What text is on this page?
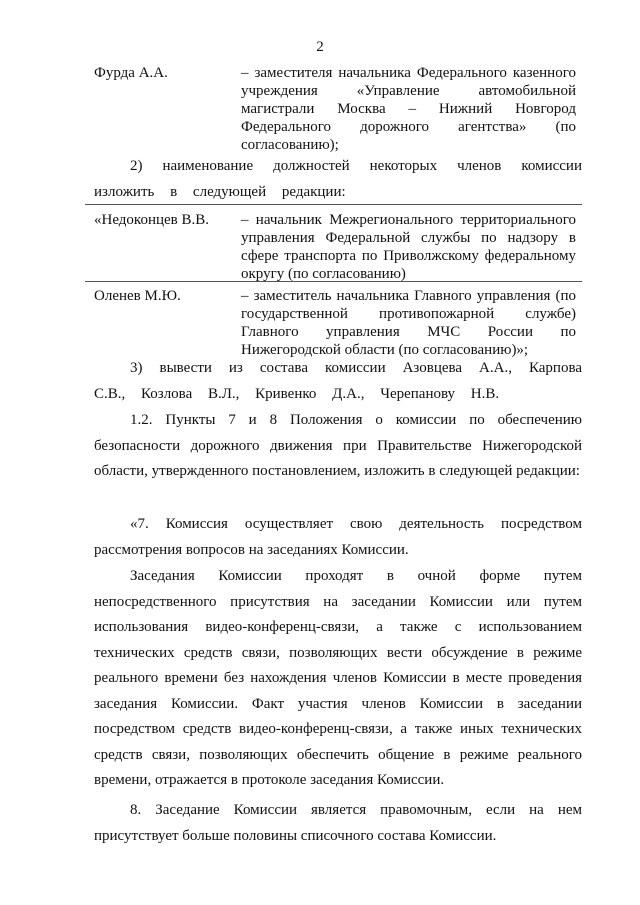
2
Фурда А.А.	– заместителя начальника Федерального казенного учреждения «Управление автомобильной магистрали Москва – Нижний Новгород Федерального дорожного агентства» (по согласованию);

2) наименование должностей некоторых членов комиссии изложить в следующей редакции:

«Недоконцев В.В. – начальник Межрегионального территориального управления Федеральной службы по надзору в сфере транспорта по Приволжскому федеральному округу (по согласованию)
Оленев М.Ю.	– заместитель начальника Главного управления (по государственной противопожарной службе) Главного управления МЧС России по Нижегородской области (по согласованию)»;

3) вывести из состава комиссии Азовцева А.А., Карпова С.В., Козлова В.Л., Кривенко Д.А., Черепанову Н.В.

1.2. Пункты 7 и 8 Положения о комиссии по обеспечению безопасности дорожного движения при Правительстве Нижегородской области, утвержденного постановлением, изложить в следующей редакции:

«7. Комиссия осуществляет свою деятельность посредством рассмотрения вопросов на заседаниях Комиссии.

Заседания Комиссии проходят в очной форме путем непосредственного присутствия на заседании Комиссии или путем использования видео-конференц-связи, а также с использованием технических средств связи, позволяющих вести обсуждение в режиме реального времени без нахождения членов Комиссии в месте проведения заседания Комиссии. Факт участия членов Комиссии в заседании посредством средств видео-конференц-связи, а также иных технических средств связи, позволяющих обеспечить общение в режиме реального времени, отражается в протоколе заседания Комиссии.

8. Заседание Комиссии является правомочным, если на нем присутствует больше половины списочного состава Комиссии.
